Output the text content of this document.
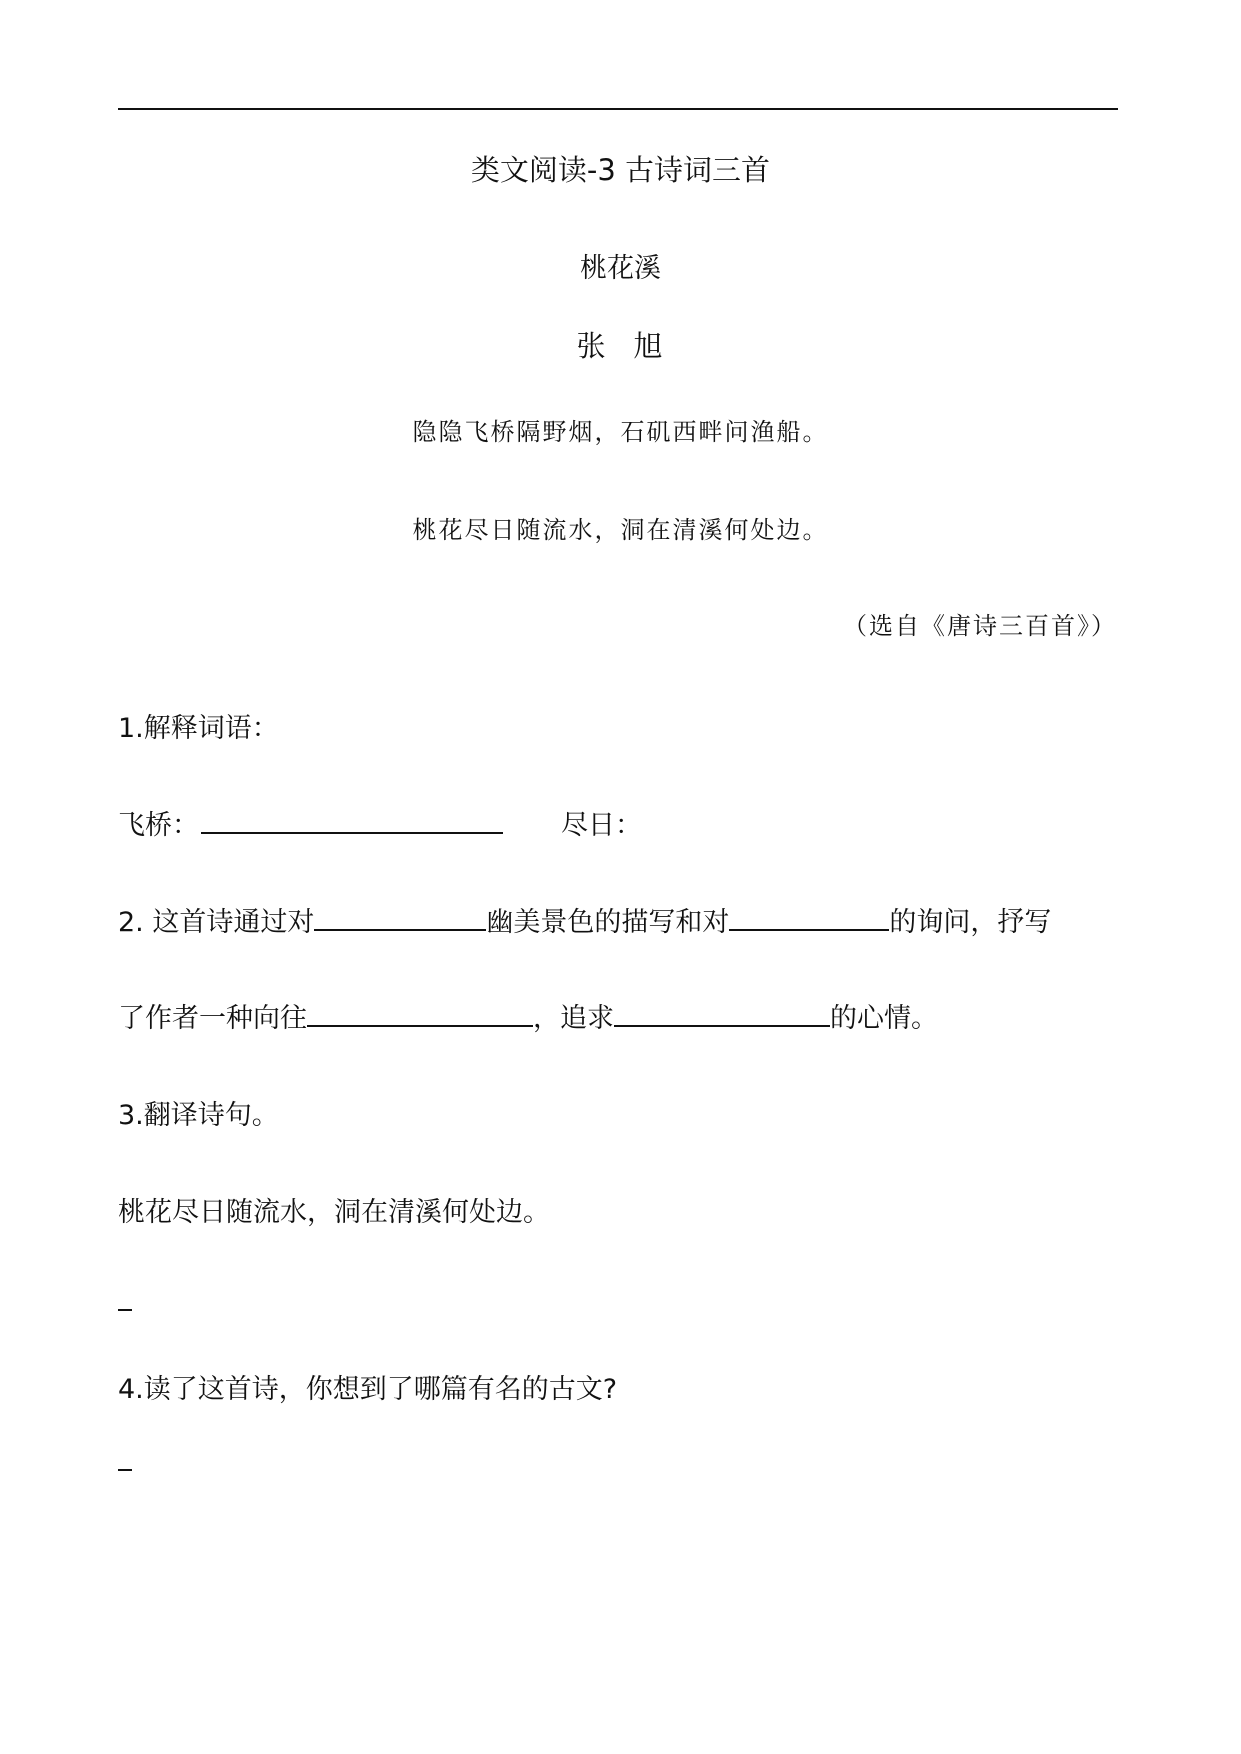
类文阅读-3 古诗词三首
桃花溪
张 旭
隐隐飞桥隔野烟，石矶西畔问渔船。
桃花尽日随流水，洞在清溪何处边。
（选自《唐诗三百首》）
1.解释词语：
飞桥：	尽日：
2. 这首诗通过对	幽美景色的描写和对	的询问，抒写
了作者一种向往	，追求	的心情。
3.翻译诗句。
桃花尽日随流水，洞在清溪何处边。
4.读了这首诗，你想到了哪篇有名的古文?
